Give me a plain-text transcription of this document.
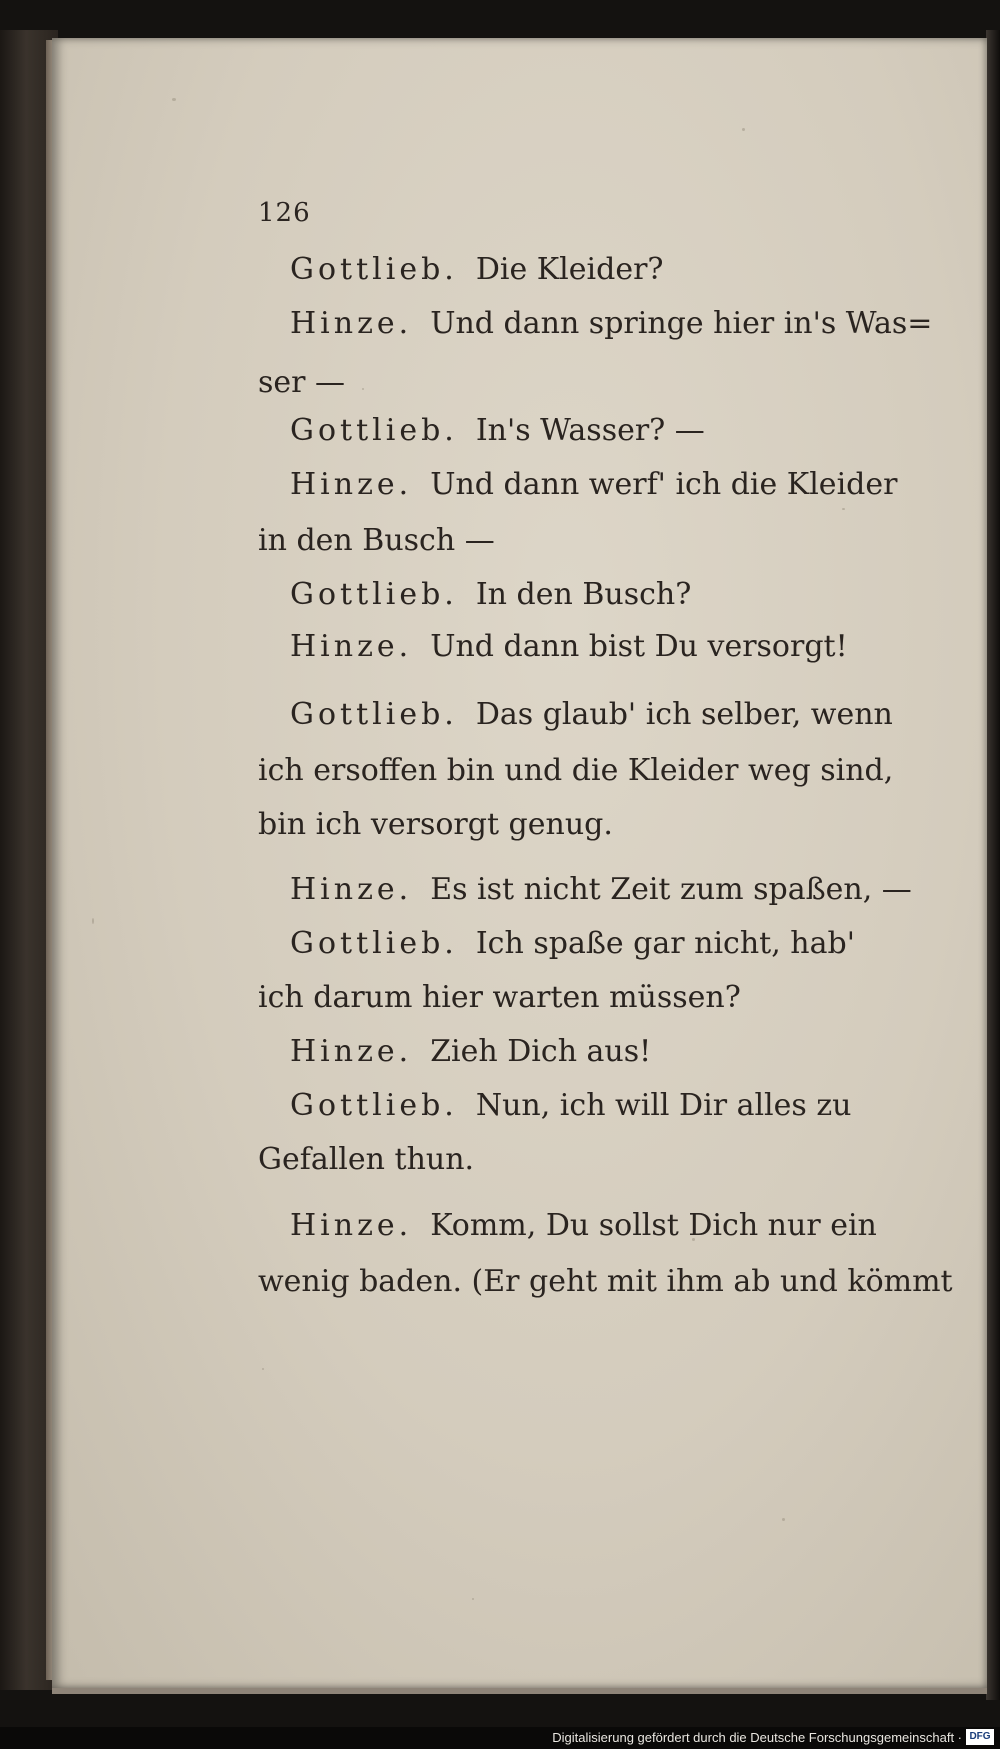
126
Gottlieb. Die Kleider?
Hinze. Und dann springe hier in's Was=
ser —
Gottlieb. In's Wasser? —
Hinze. Und dann werf' ich die Kleider
in den Busch —
Gottlieb. In den Busch?
Hinze. Und dann bist Du versorgt!
Gottlieb. Das glaub' ich selber, wenn
ich ersoffen bin und die Kleider weg sind,
bin ich versorgt genug.
Hinze. Es ist nicht Zeit zum spaßen, —
Gottlieb. Ich spaße gar nicht, hab'
ich darum hier warten müssen?
Hinze. Zieh Dich aus!
Gottlieb. Nun, ich will Dir alles zu
Gefallen thun.
Hinze. Komm, Du sollst Dich nur ein
wenig baden. (Er geht mit ihm ab und kömmt
Digitalisierung gefördert durch die Deutsche Forschungsgemeinschaft · DFG
